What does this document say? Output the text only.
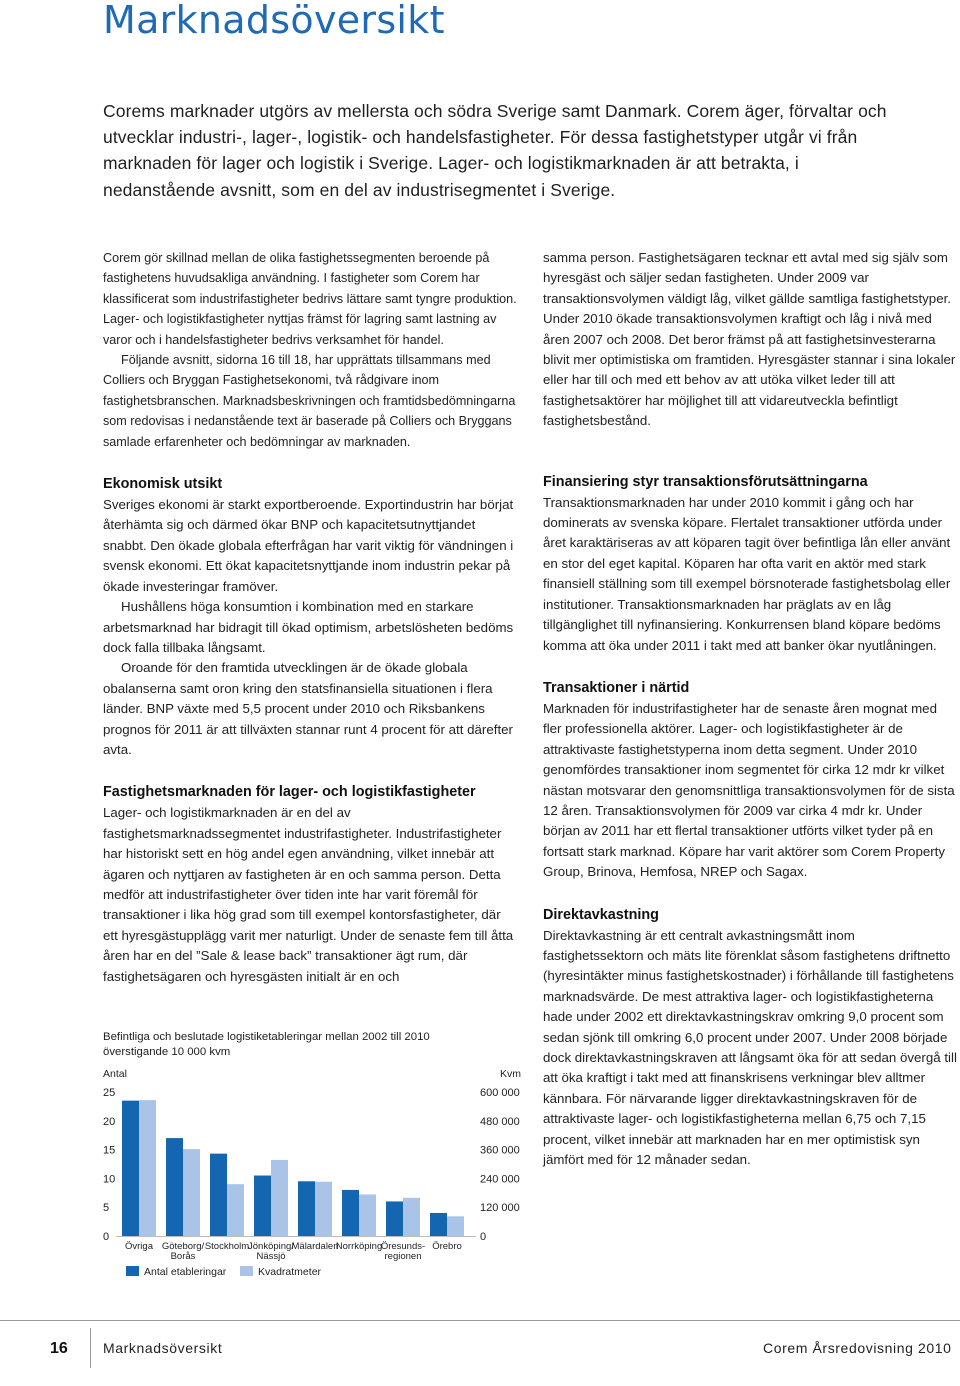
Marknadsöversikt

Corems marknader utgörs av mellersta och södra Sverige samt Danmark. Corem äger, förvaltar och utvecklar industri-, lager-, logistik- och handelsfastigheter. För dessa fastighetstyper utgår vi från marknaden för lager och logistik i Sverige. Lager- och logistikmarknaden är att betrakta, i nedanstående avsnitt, som en del av industrisegmentet i Sverige.

Corem gör skillnad mellan de olika fastighetssegmenten beroende på fastighetens huvudsakliga användning. I fastigheter som Corem har klassificerat som industrifastigheter bedrivs lättare samt tyngre produktion. Lager- och logistikfastigheter nyttjas främst för lagring samt lastning av varor och i handelsfastigheter bedrivs verksamhet för handel.

Följande avsnitt, sidorna 16 till 18, har upprättats tillsammans med Colliers och Bryggan Fastighetsekonomi, två rådgivare inom fastighetsbranschen. Marknadsbeskrivningen och framtidsbedömningarna som redovisas i nedanstående text är baserade på Colliers och Bryggans samlade erfarenheter och bedömningar av marknaden.

Ekonomisk utsikt

Sveriges ekonomi är starkt exportberoende. Exportindustrin har börjat återhämta sig och därmed ökar BNP och kapacitetsutnyttjandet snabbt. Den ökade globala efterfrågan har varit viktig för vändningen i svensk ekonomi. Ett ökat kapacitetsnyttjande inom industrin pekar på ökade investeringar framöver.

Hushållens höga konsumtion i kombination med en starkare arbetsmarknad har bidragit till ökad optimism, arbetslösheten bedöms dock falla tillbaka långsamt.

Oroande för den framtida utvecklingen är de ökade globala obalanserna samt oron kring den statsfinansiella situationen i flera länder. BNP växte med 5,5 procent under 2010 och Riksbankens prognos för 2011 är att tillväxten stannar runt 4 procent för att därefter avta.

Fastighetsmarknaden för lager- och logistikfastigheter

Lager- och logistikmarknaden är en del av fastighetsmarknadssegmentet industrifastigheter. Industrifastigheter har historiskt sett en hög andel egen användning, vilket innebär att ägaren och nyttjaren av fastigheten är en och samma person. Detta medför att industrifastigheter över tiden inte har varit föremål för transaktioner i lika hög grad som till exempel kontorsfastigheter, där ett hyresgästupplägg varit mer naturligt. Under de senaste fem till åtta åren har en del ”Sale & lease back” transaktioner ägt rum, där fastighetsägaren och hyresgästen initialt är en och

samma person. Fastighetsägaren tecknar ett avtal med sig själv som hyresgäst och säljer sedan fastigheten. Under 2009 var transaktionsvolymen väldigt låg, vilket gällde samtliga fastighetstyper. Under 2010 ökade transaktionsvolymen kraftigt och låg i nivå med åren 2007 och 2008. Det beror främst på att fastighetsinvesterarna blivit mer optimistiska om framtiden. Hyresgäster stannar i sina lokaler eller har till och med ett behov av att utöka vilket leder till att fastighetsaktörer har möjlighet till att vidareutveckla befintligt fastighetsbestånd.

Finansiering styr transaktionsförutsättningarna

Transaktionsmarknaden har under 2010 kommit i gång och har dominerats av svenska köpare. Flertalet transaktioner utförda under året karaktäriseras av att köparen tagit över befintliga lån eller använt en stor del eget kapital. Köparen har ofta varit en aktör med stark finansiell ställning som till exempel börsnoterade fastighetsbolag eller institutioner. Transaktionsmarknaden har präglats av en låg tillgänglighet till nyfinansiering. Konkurrensen bland köpare bedöms komma att öka under 2011 i takt med att banker ökar nyutlåningen.

Transaktioner i närtid

Marknaden för industrifastigheter har de senaste åren mognat med fler professionella aktörer. Lager- och logistikfastigheter är de attraktivaste fastighetstyperna inom detta segment. Under 2010 genomfördes transaktioner inom segmentet för cirka 12 mdr kr vilket nästan motsvarar den genomsnittliga transaktionsvolymen för de sista 12 åren. Transaktionsvolymen för 2009 var cirka 4 mdr kr. Under början av 2011 har ett flertal transaktioner utförts vilket tyder på en fortsatt stark marknad. Köpare har varit aktörer som Corem Property Group, Brinova, Hemfosa, NREP och Sagax.

Direktavkastning

Direktavkastning är ett centralt avkastningsmått inom fastighetssektorn och mäts lite förenklat såsom fastighetens driftnetto (hyresintäkter minus fastighetskostnader) i förhållande till fastighetens marknadsvärde. De mest attraktiva lager- och logistikfastigheterna hade under 2002 ett direktavkastningskrav omkring 9,0 procent som sedan sjönk till omkring 6,0 procent under 2007. Under 2008 började dock direktavkastningskraven att långsamt öka för att sedan övergå till att öka kraftigt i takt med att finanskrisens verkningar blev alltmer kännbara. För närvarande ligger direktavkastningskraven för de attraktivaste lager- och logistikfastigheterna mellan 6,75 och 7,15 procent, vilket innebär att marknaden har en mer optimistisk syn jämfört med för 12 månader sedan.

Befintliga och beslutade logistiketableringar mellan 2002 till 2010 överstigande 10 000 kvm
Antal	Kvm
0
5
10
15
20
25
0
120 000
240 000
360 000
480 000
600 000
Övriga Göteborg/
Borås
Stockholm
Jönköping/
Nässjö
Mälardalen
Norrköping
Öresunds-
regionen
Örebro
Antal etableringar	Kvadratmeter
16	Marknadsöversikt	Corem Årsredovisning 2010
